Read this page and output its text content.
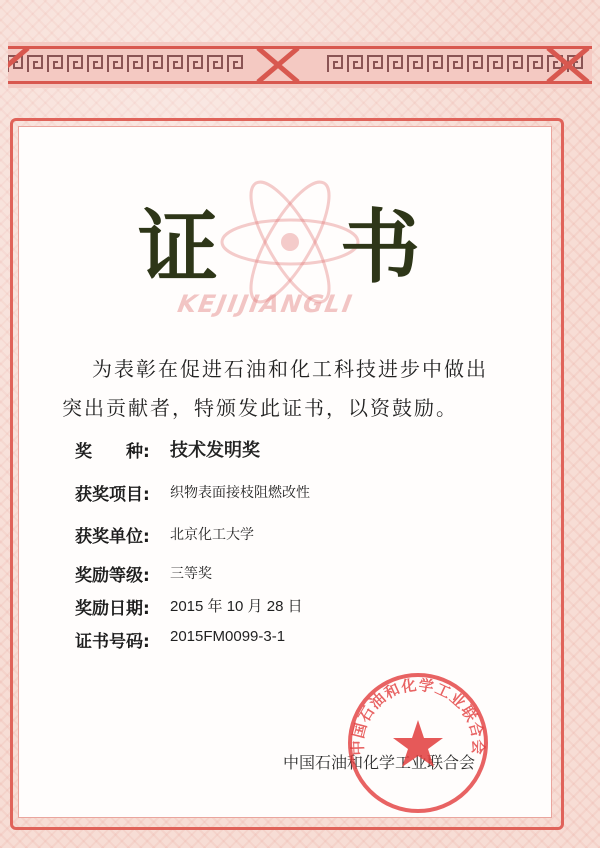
证 书
KEJIJIANGLI
为表彰在促进石油和化工科技进步中做出
突出贡献者，特颁发此证书，以资鼓励。
奖　　种: 技术发明奖
获奖项目: 织物表面接枝阻燃改性
获奖单位: 北京化工大学
奖励等级: 三等奖
奖励日期: 2015 年 10 月 28 日
证书号码: 2015FM0099-3-1
中国石油和化学工业联合会
中国石油和化学工业联合会
